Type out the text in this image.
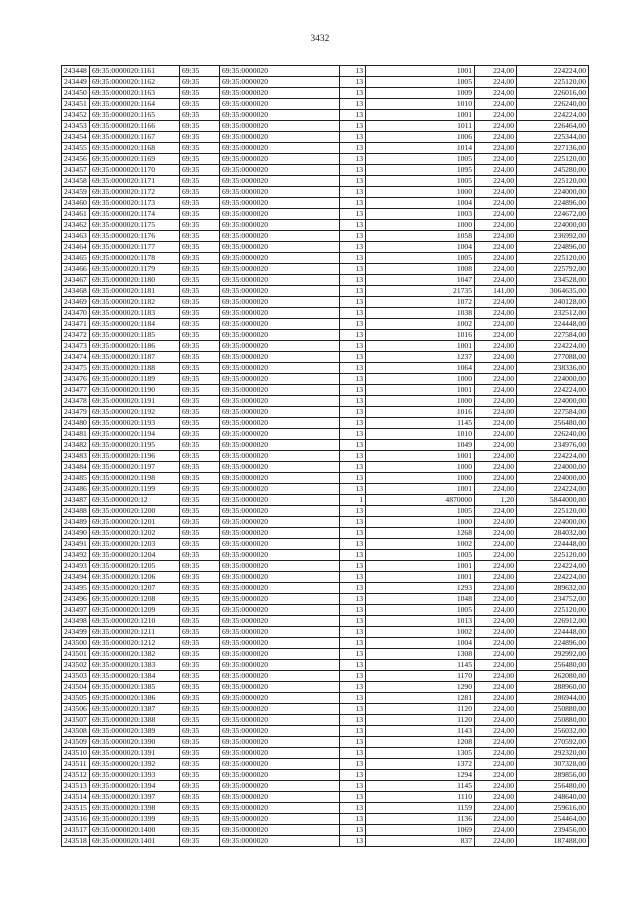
3432
243448	69:35:0000020:1161	69:35	69:35:0000020	13	1001	224,00	224224,00
243449	69:35:0000020:1162	69:35	69:35:0000020	13	1005	224,00	225120,00
243450	69:35:0000020:1163	69:35	69:35:0000020	13	1009	224,00	226016,00
243451	69:35:0000020:1164	69:35	69:35:0000020	13	1010	224,00	226240,00
243452	69:35:0000020:1165	69:35	69:35:0000020	13	1001	224,00	224224,00
243453	69:35:0000020:1166	69:35	69:35:0000020	13	1011	224,00	226464,00
243454	69:35:0000020:1167	69:35	69:35:0000020	13	1006	224,00	225344,00
243455	69:35:0000020:1168	69:35	69:35:0000020	13	1014	224,00	227136,00
243456	69:35:0000020:1169	69:35	69:35:0000020	13	1005	224,00	225120,00
243457	69:35:0000020:1170	69:35	69:35:0000020	13	1095	224,00	245280,00
243458	69:35:0000020:1171	69:35	69:35:0000020	13	1005	224,00	225120,00
243459	69:35:0000020:1172	69:35	69:35:0000020	13	1000	224,00	224000,00
243460	69:35:0000020:1173	69:35	69:35:0000020	13	1004	224,00	224896,00
243461	69:35:0000020:1174	69:35	69:35:0000020	13	1003	224,00	224672,00
243462	69:35:0000020:1175	69:35	69:35:0000020	13	1000	224,00	224000,00
243463	69:35:0000020:1176	69:35	69:35:0000020	13	1058	224,00	236992,00
243464	69:35:0000020:1177	69:35	69:35:0000020	13	1004	224,00	224896,00
243465	69:35:0000020:1178	69:35	69:35:0000020	13	1005	224,00	225120,00
243466	69:35:0000020:1179	69:35	69:35:0000020	13	1008	224,00	225792,00
243467	69:35:0000020:1180	69:35	69:35:0000020	13	1047	224,00	234528,00
243468	69:35:0000020:1181	69:35	69:35:0000020	13	21735	141,00	3064635,00
243469	69:35:0000020:1182	69:35	69:35:0000020	13	1072	224,00	240128,00
243470	69:35:0000020:1183	69:35	69:35:0000020	13	1038	224,00	232512,00
243471	69:35:0000020:1184	69:35	69:35:0000020	13	1002	224,00	224448,00
243472	69:35:0000020:1185	69:35	69:35:0000020	13	1016	224,00	227584,00
243473	69:35:0000020:1186	69:35	69:35:0000020	13	1001	224,00	224224,00
243474	69:35:0000020:1187	69:35	69:35:0000020	13	1237	224,00	277088,00
243475	69:35:0000020:1188	69:35	69:35:0000020	13	1064	224,00	238336,00
243476	69:35:0000020:1189	69:35	69:35:0000020	13	1000	224,00	224000,00
243477	69:35:0000020:1190	69:35	69:35:0000020	13	1001	224,00	224224,00
243478	69:35:0000020:1191	69:35	69:35:0000020	13	1000	224,00	224000,00
243479	69:35:0000020:1192	69:35	69:35:0000020	13	1016	224,00	227584,00
243480	69:35:0000020:1193	69:35	69:35:0000020	13	1145	224,00	256480,00
243481	69:35:0000020:1194	69:35	69:35:0000020	13	1010	224,00	226240,00
243482	69:35:0000020:1195	69:35	69:35:0000020	13	1049	224,00	234976,00
243483	69:35:0000020:1196	69:35	69:35:0000020	13	1001	224,00	224224,00
243484	69:35:0000020:1197	69:35	69:35:0000020	13	1000	224,00	224000,00
243485	69:35:0000020:1198	69:35	69:35:0000020	13	1000	224,00	224000,00
243486	69:35:0000020:1199	69:35	69:35:0000020	13	1001	224,00	224224,00
243487	69:35:0000020:12	69:35	69:35:0000020	1	4870000	1,20	5844000,00
243488	69:35:0000020:1200	69:35	69:35:0000020	13	1005	224,00	225120,00
243489	69:35:0000020:1201	69:35	69:35:0000020	13	1000	224,00	224000,00
243490	69:35:0000020:1202	69:35	69:35:0000020	13	1268	224,00	284032,00
243491	69:35:0000020:1203	69:35	69:35:0000020	13	1002	224,00	224448,00
243492	69:35:0000020:1204	69:35	69:35:0000020	13	1005	224,00	225120,00
243493	69:35:0000020:1205	69:35	69:35:0000020	13	1001	224,00	224224,00
243494	69:35:0000020:1206	69:35	69:35:0000020	13	1001	224,00	224224,00
243495	69:35:0000020:1207	69:35	69:35:0000020	13	1293	224,00	289632,00
243496	69:35:0000020:1208	69:35	69:35:0000020	13	1048	224,00	234752,00
243497	69:35:0000020:1209	69:35	69:35:0000020	13	1005	224,00	225120,00
243498	69:35:0000020:1210	69:35	69:35:0000020	13	1013	224,00	226912,00
243499	69:35:0000020:1211	69:35	69:35:0000020	13	1002	224,00	224448,00
243500	69:35:0000020:1212	69:35	69:35:0000020	13	1004	224,00	224896,00
243501	69:35:0000020:1382	69:35	69:35:0000020	13	1308	224,00	292992,00
243502	69:35:0000020:1383	69:35	69:35:0000020	13	1145	224,00	256480,00
243503	69:35:0000020:1384	69:35	69:35:0000020	13	1170	224,00	262080,00
243504	69:35:0000020:1385	69:35	69:35:0000020	13	1290	224,00	288960,00
243505	69:35:0000020:1386	69:35	69:35:0000020	13	1281	224,00	286944,00
243506	69:35:0000020:1387	69:35	69:35:0000020	13	1120	224,00	250880,00
243507	69:35:0000020:1388	69:35	69:35:0000020	13	1120	224,00	250880,00
243508	69:35:0000020:1389	69:35	69:35:0000020	13	1143	224,00	256032,00
243509	69:35:0000020:1390	69:35	69:35:0000020	13	1208	224,00	270592,00
243510	69:35:0000020:1391	69:35	69:35:0000020	13	1305	224,00	292320,00
243511	69:35:0000020:1392	69:35	69:35:0000020	13	1372	224,00	307328,00
243512	69:35:0000020:1393	69:35	69:35:0000020	13	1294	224,00	289856,00
243513	69:35:0000020:1394	69:35	69:35:0000020	13	1145	224,00	256480,00
243514	69:35:0000020:1397	69:35	69:35:0000020	13	1110	224,00	248640,00
243515	69:35:0000020:1398	69:35	69:35:0000020	13	1159	224,00	259616,00
243516	69:35:0000020:1399	69:35	69:35:0000020	13	1136	224,00	254464,00
243517	69:35:0000020:1400	69:35	69:35:0000020	13	1069	224,00	239456,00
243518	69:35:0000020:1401	69:35	69:35:0000020	13	837	224,00	187488,00
